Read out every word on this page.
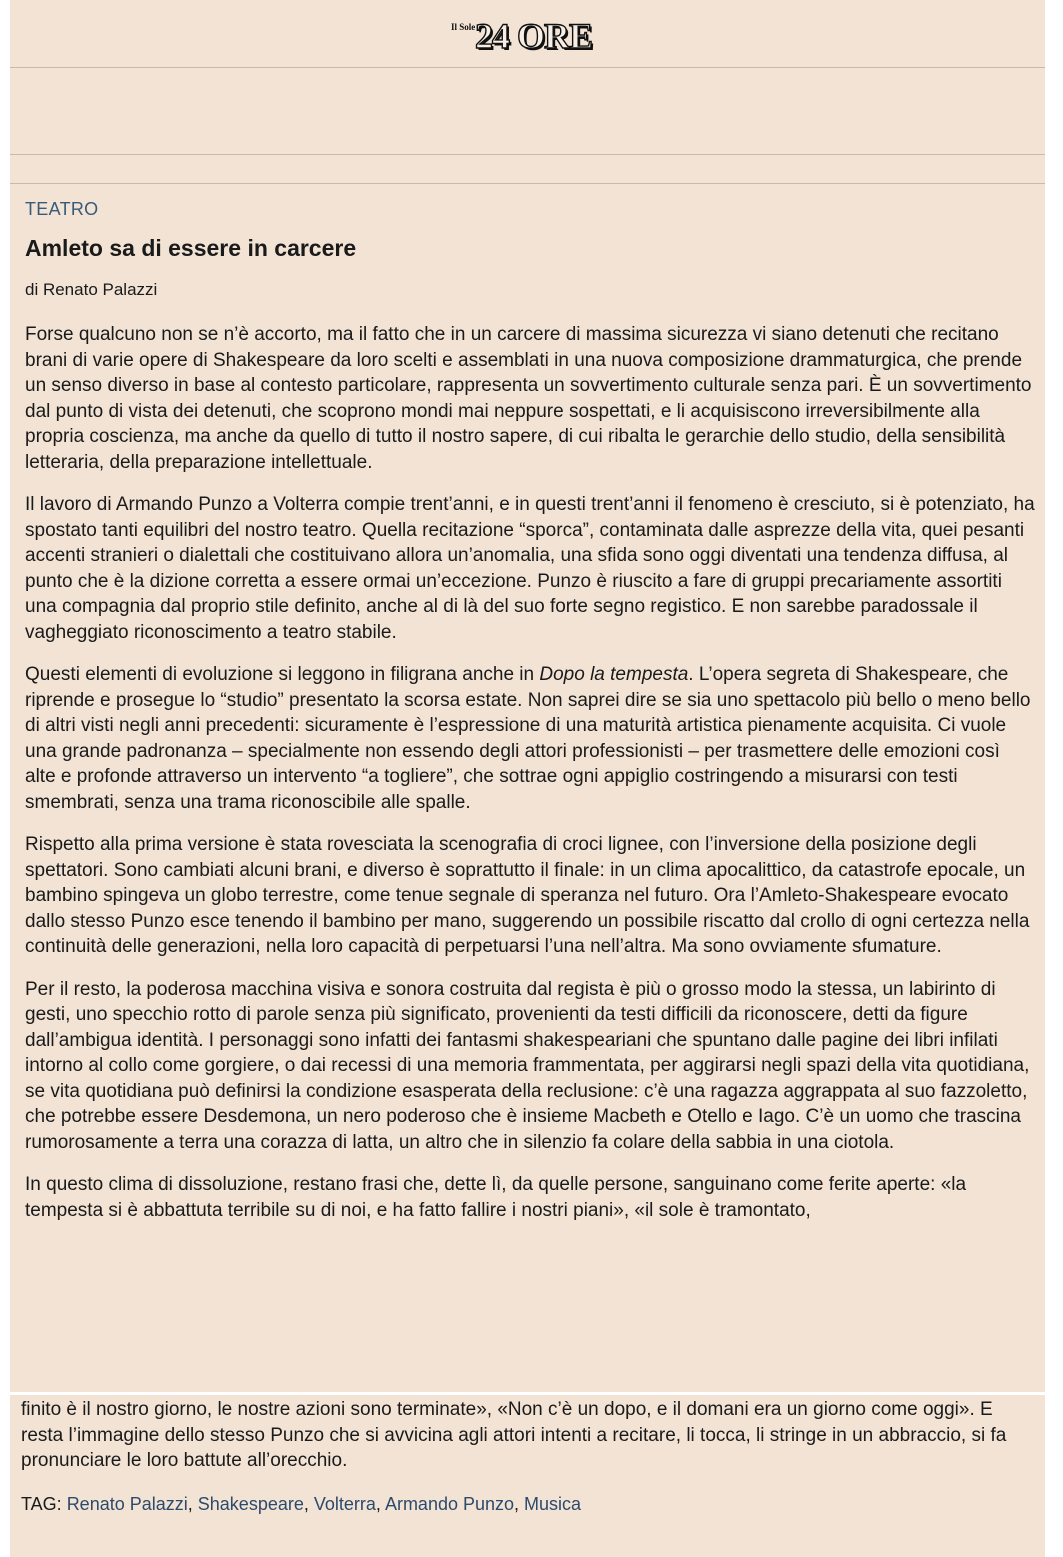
Il Sole 24 ORE
TEATRO
Amleto sa di essere in carcere
di Renato Palazzi

Forse qualcuno non se n’è accorto, ma il fatto che in un carcere di massima sicurezza vi siano detenuti che recitano brani di varie opere di Shakespeare da loro scelti e assemblati in una nuova composizione drammaturgica, che prende un senso diverso in base al contesto particolare, rappresenta un sovvertimento culturale senza pari. È un sovvertimento dal punto di vista dei detenuti, che scoprono mondi mai neppure sospettati, e li acquisiscono irreversibilmente alla propria coscienza, ma anche da quello di tutto il nostro sapere, di cui ribalta le gerarchie dello studio, della sensibilità letteraria, della preparazione intellettuale.

Il lavoro di Armando Punzo a Volterra compie trent’anni, e in questi trent’anni il fenomeno è cresciuto, si è potenziato, ha spostato tanti equilibri del nostro teatro. Quella recitazione “sporca”, contaminata dalle asprezze della vita, quei pesanti accenti stranieri o dialettali che costituivano allora un’anomalia, una sfida sono oggi diventati una tendenza diffusa, al punto che è la dizione corretta a essere ormai un’eccezione. Punzo è riuscito a fare di gruppi precariamente assortiti una compagnia dal proprio stile definito, anche al di là del suo forte segno registico. E non sarebbe paradossale il vagheggiato riconoscimento a teatro stabile.

Questi elementi di evoluzione si leggono in filigrana anche in Dopo la tempesta. L’opera segreta di Shakespeare, che riprende e prosegue lo “studio” presentato la scorsa estate. Non saprei dire se sia uno spettacolo più bello o meno bello di altri visti negli anni precedenti: sicuramente è l’espressione di una maturità artistica pienamente acquisita. Ci vuole una grande padronanza – specialmente non essendo degli attori professionisti – per trasmettere delle emozioni così alte e profonde attraverso un intervento “a togliere”, che sottrae ogni appiglio costringendo a misurarsi con testi smembrati, senza una trama riconoscibile alle spalle.

Rispetto alla prima versione è stata rovesciata la scenografia di croci lignee, con l’inversione della posizione degli spettatori. Sono cambiati alcuni brani, e diverso è soprattutto il finale: in un clima apocalittico, da catastrofe epocale, un bambino spingeva un globo terrestre, come tenue segnale di speranza nel futuro. Ora l’Amleto-Shakespeare evocato dallo stesso Punzo esce tenendo il bambino per mano, suggerendo un possibile riscatto dal crollo di ogni certezza nella continuità delle generazioni, nella loro capacità di perpetuarsi l’una nell’altra. Ma sono ovviamente sfumature.

Per il resto, la poderosa macchina visiva e sonora costruita dal regista è più o grosso modo la stessa, un labirinto di gesti, uno specchio rotto di parole senza più significato, provenienti da testi difficili da riconoscere, detti da figure dall’ambigua identità. I personaggi sono infatti dei fantasmi shakespeariani che spuntano dalle pagine dei libri infilati intorno al collo come gorgiere, o dai recessi di una memoria frammentata, per aggirarsi negli spazi della vita quotidiana, se vita quotidiana può definirsi la condizione esasperata della reclusione: c’è una ragazza aggrappata al suo fazzoletto, che potrebbe essere Desdemona, un nero poderoso che è insieme Macbeth e Otello e Iago. C’è un uomo che trascina rumorosamente a terra una corazza di latta, un altro che in silenzio fa colare della sabbia in una ciotola.

In questo clima di dissoluzione, restano frasi che, dette lì, da quelle persone, sanguinano come ferite aperte: «la tempesta si è abbattuta terribile su di noi, e ha fatto fallire i nostri piani», «il sole è tramontato,

finito è il nostro giorno, le nostre azioni sono terminate», «Non c’è un dopo, e il domani era un giorno come oggi». E resta l’immagine dello stesso Punzo che si avvicina agli attori intenti a recitare, li tocca, li stringe in un abbraccio, si fa pronunciare le loro battute all’orecchio.
TAG: Renato Palazzi, Shakespeare, Volterra, Armando Punzo, Musica
